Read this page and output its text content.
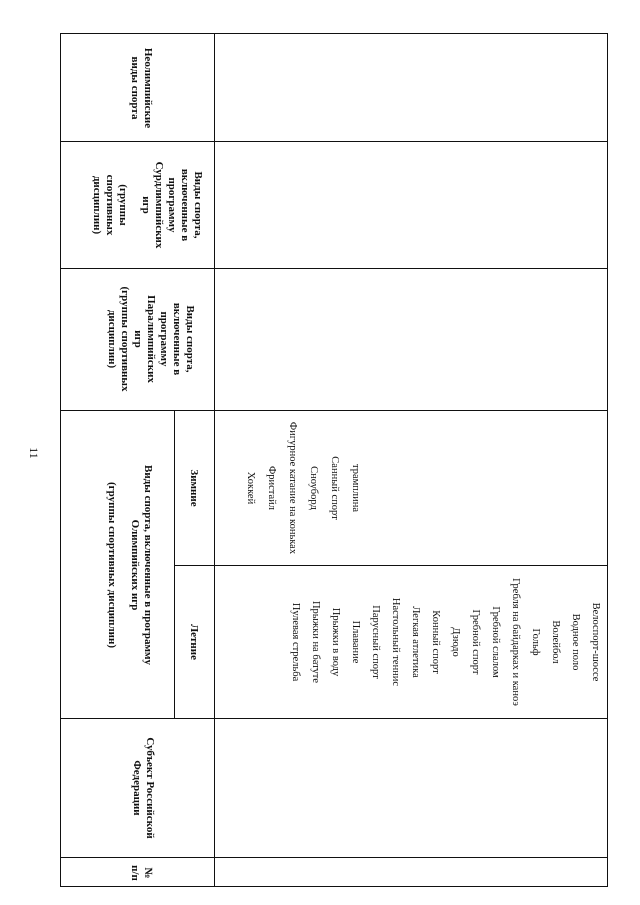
11
№
п/п
Субъект Российской
Федерации
Виды спорта, включенные в программу
Олимпийских игр
(группы спортивных дисциплин)	Летние
Зимние
Виды спорта,
включенные в
программу
Паралимпийских
игр
(группы спортивных
дисциплин)
Виды спорта,
включенные в
программу
Сурдлимпийских
игр
(группы
спортивных
дисциплин)
Неолимпийские
виды спорта
Велоспорт-шоссе
Водное поло
Волейбол
Гольф
Гребля на байдарках и каноэ
Гребной слалом
Гребной спорт
Дзюдо
Конный спорт
Легкая атлетика
Настольный теннис
Парусный спорт
Плавание
Прыжки в воду
Прыжки на батуте
Пулевая стрельба
трамплина
Санный спорт
Сноуборд
Фигурное катание на коньках
Фристайл
Хоккей
